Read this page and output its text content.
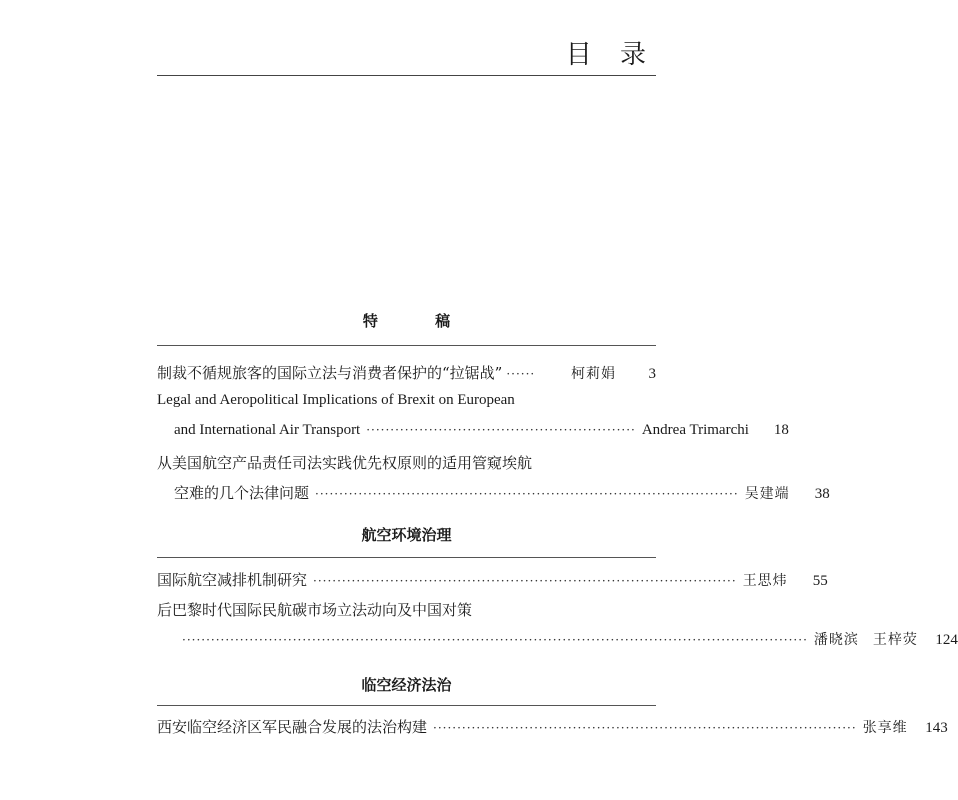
目 录
特 稿
制裁不循规旅客的国际立法与消费者保护的“拉锯战” ······	柯莉娟	3
Legal and Aeropolitical Implications of Brexit on European
and International Air Transport ························································ Andrea Trimarchi	18
从美国航空产品责任司法实践优先权原则的适用管窥埃航
空难的几个法律问题 ························································································ 吴建端	38
航空环境治理
国际航空减排机制研究 ························································································ 王思炜	55
后巴黎时代国际民航碳市场立法动向及中国对策
·································································································································· 潘晓滨 王梓荧	124
临空经济法治
西安临空经济区军民融合发展的法治构建 ························································································ 张享维	143
